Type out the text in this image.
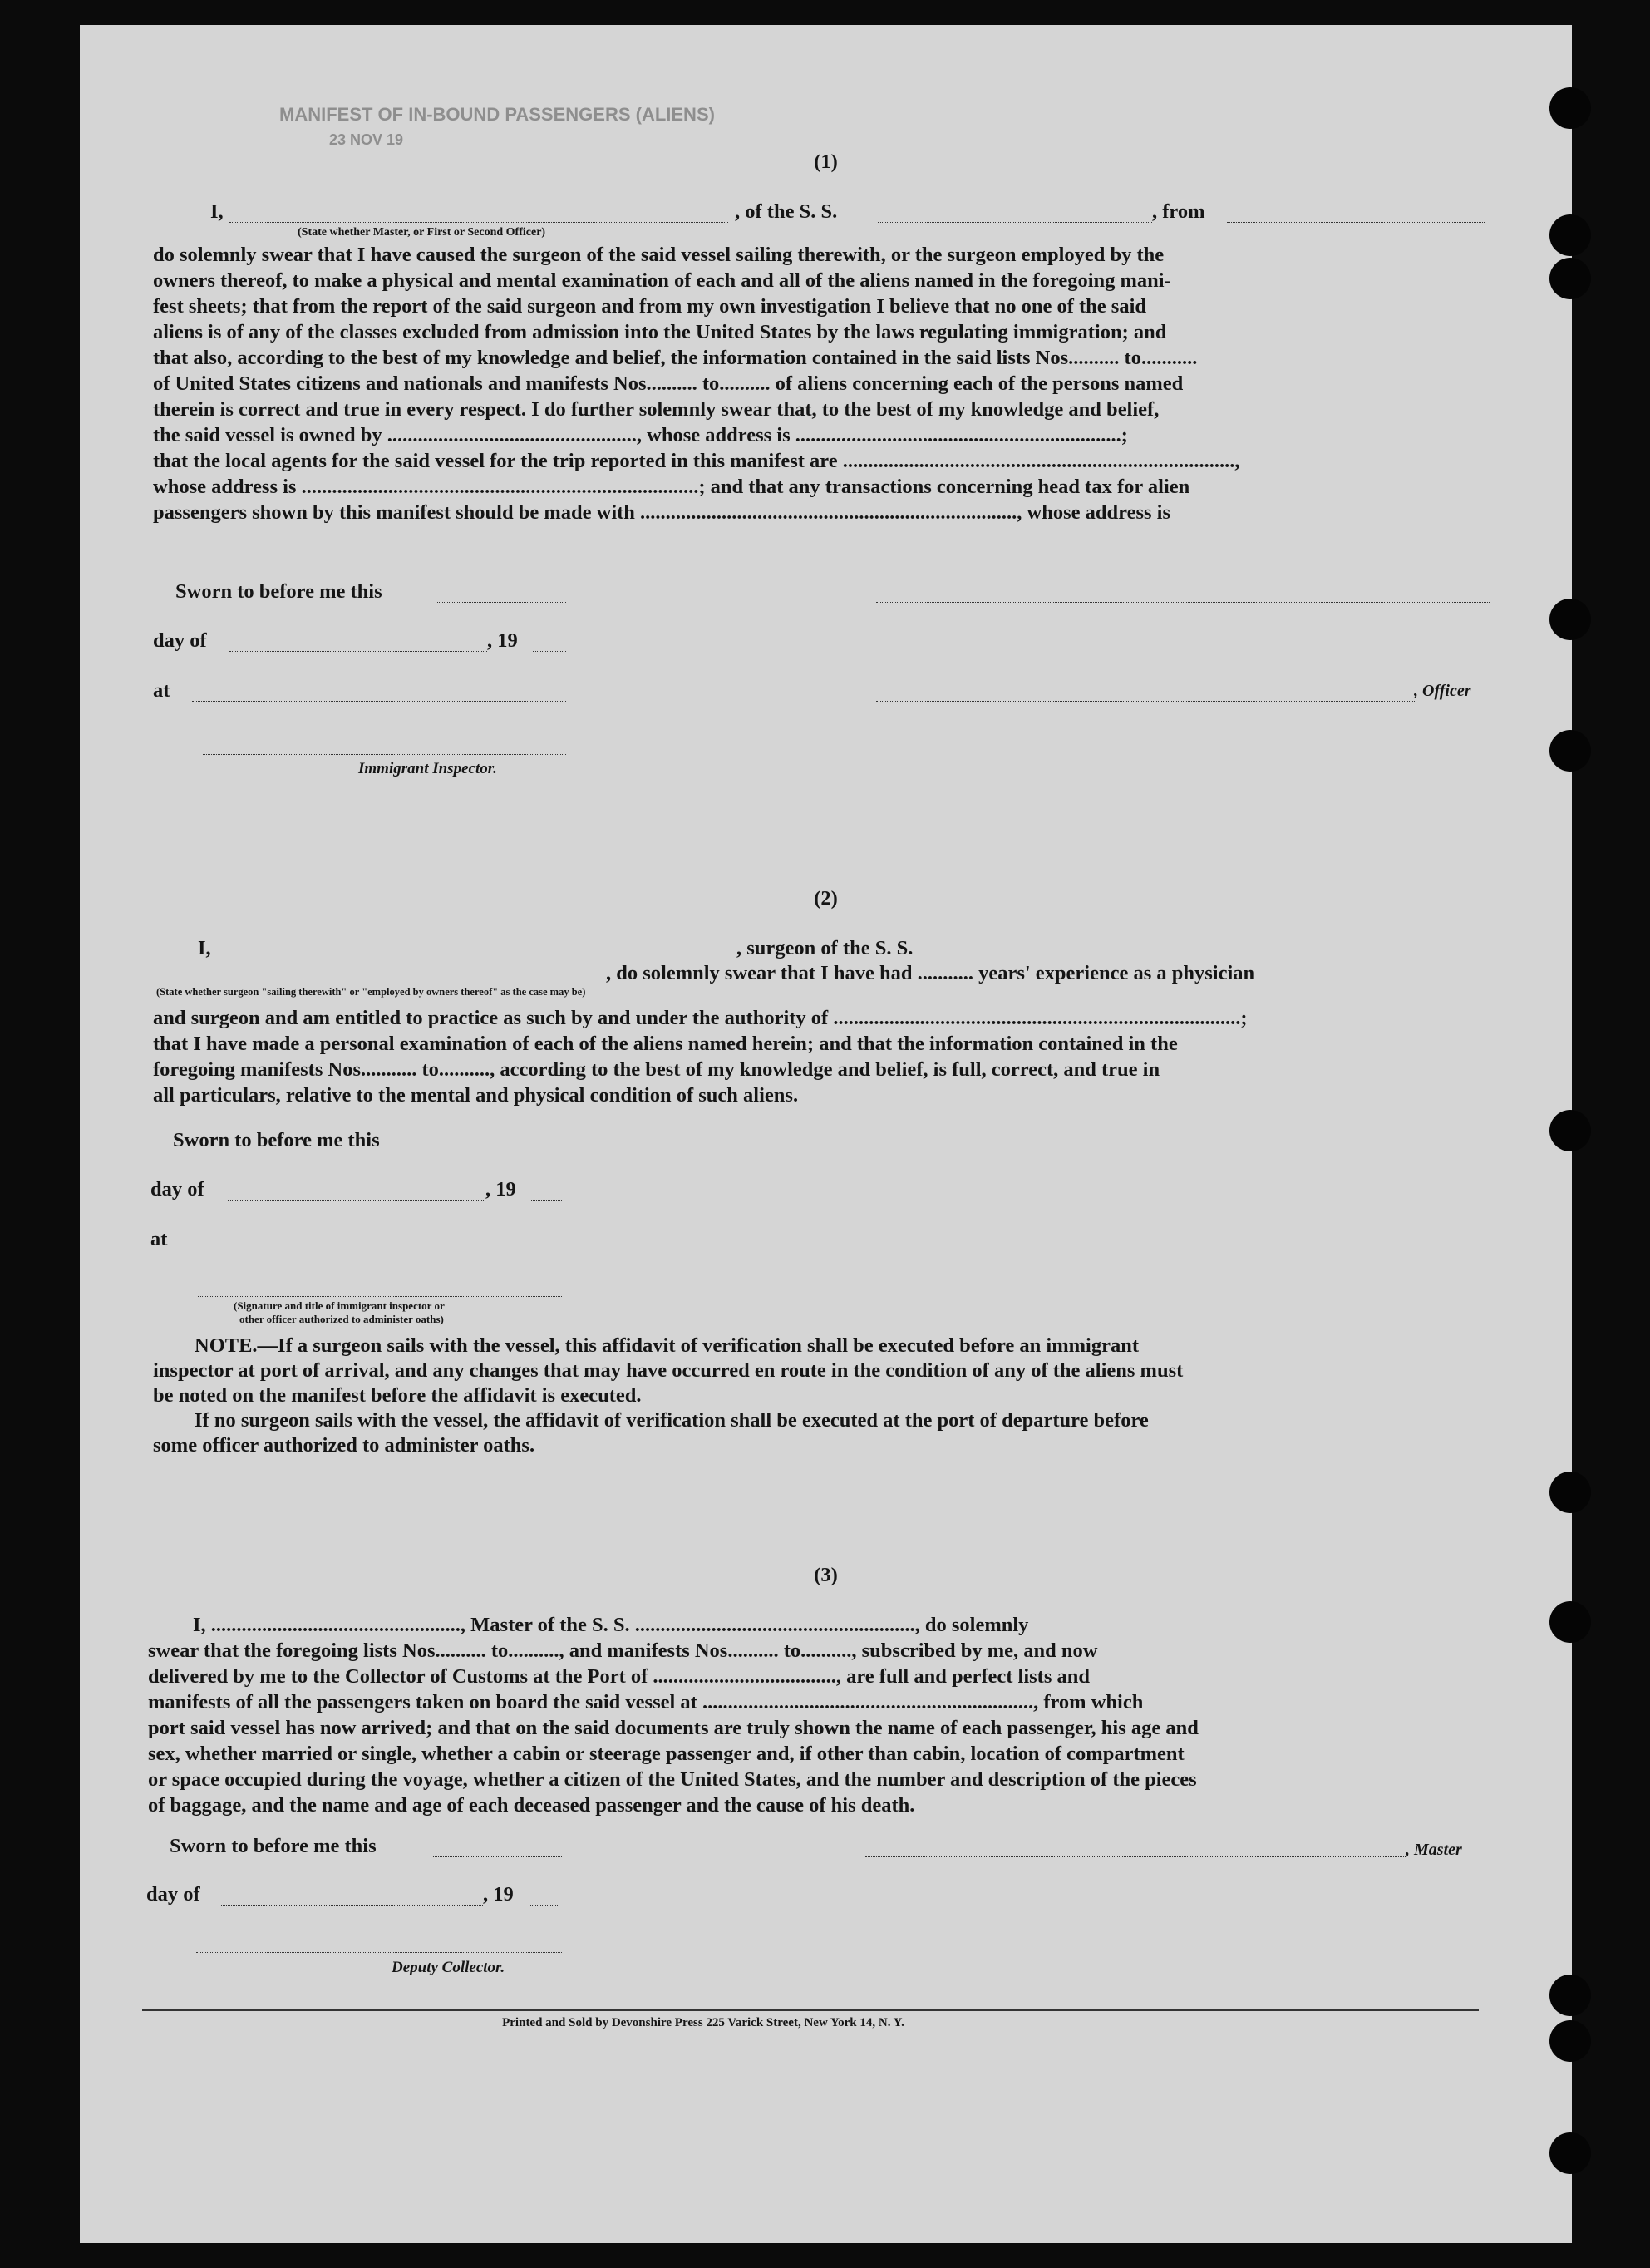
MANIFEST OF IN-BOUND PASSENGERS (ALIENS)
23 NOV 19
(1)
I,	, of the S. S.	, from
(State whether Master, or First or Second Officer)
do solemnly swear that I have caused the surgeon of the said vessel sailing therewith, or the surgeon employed by the
owners thereof, to make a physical and mental examination of each and all of the aliens named in the foregoing mani-
fest sheets; that from the report of the said surgeon and from my own investigation I believe that no one of the said
aliens is of any of the classes excluded from admission into the United States by the laws regulating immigration; and
that also, according to the best of my knowledge and belief, the information contained in the said lists Nos.......... to...........
of United States citizens and nationals and manifests Nos.......... to.......... of aliens concerning each of the persons named
therein is correct and true in every respect. I do further solemnly swear that, to the best of my knowledge and belief,
the said vessel is owned by ................................................., whose address is ................................................................;
that the local agents for the said vessel for the trip reported in this manifest are .............................................................................,
whose address is ..............................................................................; and that any transactions concerning head tax for alien
passengers shown by this manifest should be made with .........................................................................., whose address is
Sworn to before me this
day of	, 19
at	, Officer
Immigrant Inspector.
(2)
I,	, surgeon of the S. S.
, do solemnly swear that I have had ........... years' experience as a physician
(State whether surgeon "sailing therewith" or "employed by owners thereof" as the case may be)
and surgeon and am entitled to practice as such by and under the authority of ................................................................................;
that I have made a personal examination of each of the aliens named herein; and that the information contained in the
foregoing manifests Nos........... to.........., according to the best of my knowledge and belief, is full, correct, and true in
all particulars, relative to the mental and physical condition of such aliens.
Sworn to before me this
day of	, 19
at
(Signature and title of immigrant inspector or
other officer authorized to administer oaths)
NOTE.—If a surgeon sails with the vessel, this affidavit of verification shall be executed before an immigrant
inspector at port of arrival, and any changes that may have occurred en route in the condition of any of the aliens must
be noted on the manifest before the affidavit is executed.
If no surgeon sails with the vessel, the affidavit of verification shall be executed at the port of departure before
some officer authorized to administer oaths.
(3)
I, ................................................., Master of the S. S. ......................................................., do solemnly
swear that the foregoing lists Nos.......... to.........., and manifests Nos.......... to.........., subscribed by me, and now
delivered by me to the Collector of Customs at the Port of ...................................., are full and perfect lists and
manifests of all the passengers taken on board the said vessel at ................................................................., from which
port said vessel has now arrived; and that on the said documents are truly shown the name of each passenger, his age and
sex, whether married or single, whether a cabin or steerage passenger and, if other than cabin, location of compartment
or space occupied during the voyage, whether a citizen of the United States, and the number and description of the pieces
of baggage, and the name and age of each deceased passenger and the cause of his death.
Sworn to before me this	, Master
day of	, 19
Deputy Collector.
Printed and Sold by Devonshire Press 225 Varick Street, New York 14, N. Y.
